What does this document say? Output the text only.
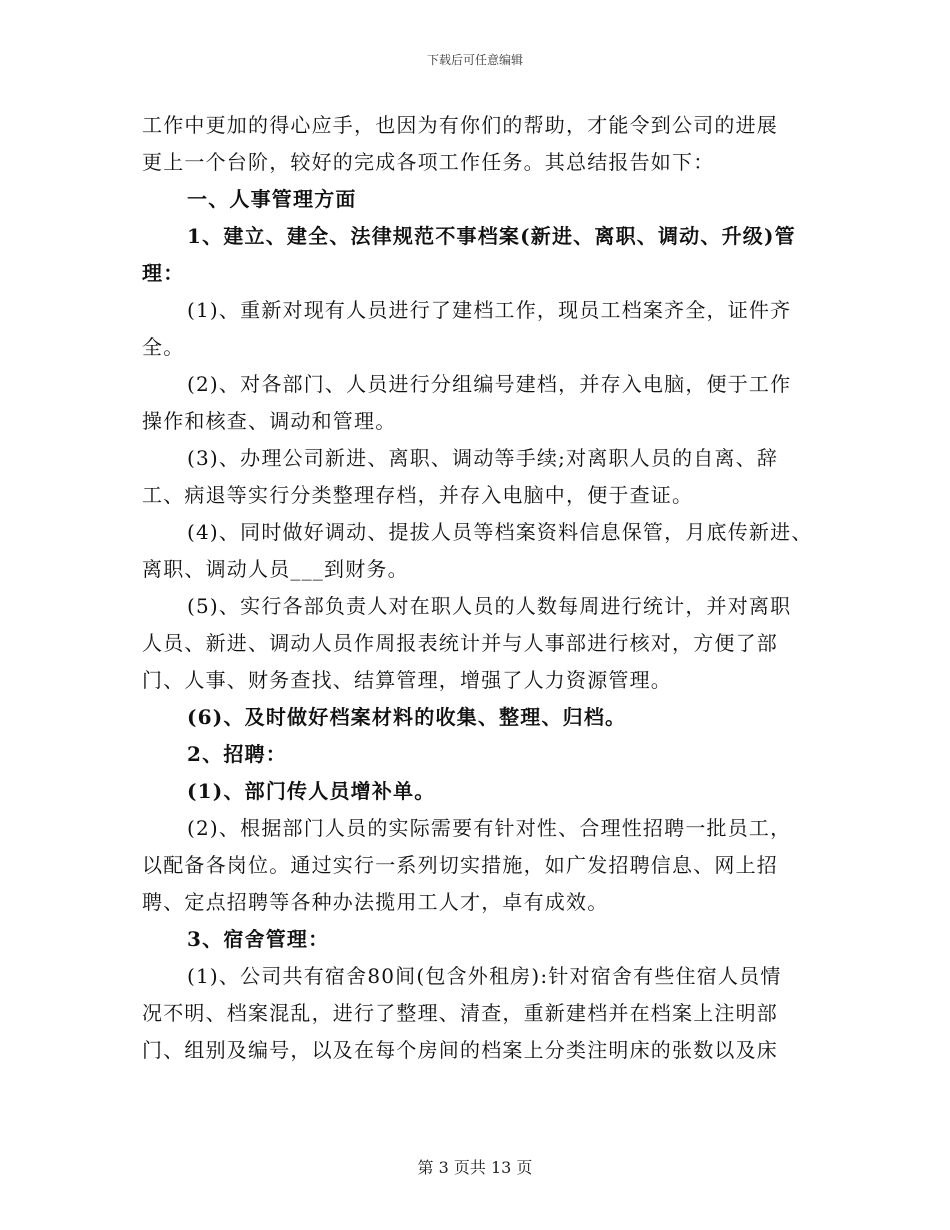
下载后可任意编辑

工作中更加的得心应手，也因为有你们的帮助，才能令到公司的进展

更上一个台阶，较好的完成各项工作任务。其总结报告如下：

一、人事管理方面

1、建立、建全、法律规范不事档案(新进、离职、调动、升级)管

理：

(1)、重新对现有人员进行了建档工作，现员工档案齐全，证件齐

全。

(2)、对各部门、人员进行分组编号建档，并存入电脑，便于工作

操作和核查、调动和管理。

(3)、办理公司新进、离职、调动等手续;对离职人员的自离、辞

工、病退等实行分类整理存档，并存入电脑中，便于查证。

(4)、同时做好调动、提拔人员等档案资料信息保管，月底传新进、

离职、调动人员___到财务。

(5)、实行各部负责人对在职人员的人数每周进行统计，并对离职

人员、新进、调动人员作周报表统计并与人事部进行核对，方便了部

门、人事、财务查找、结算管理，增强了人力资源管理。

(6)、及时做好档案材料的收集、整理、归档。

2、招聘：

(1)、部门传人员增补单。

(2)、根据部门人员的实际需要有针对性、合理性招聘一批员工，

以配备各岗位。通过实行一系列切实措施，如广发招聘信息、网上招

聘、定点招聘等各种办法揽用工人才，卓有成效。

3、宿舍管理：

(1)、公司共有宿舍80间(包含外租房):针对宿舍有些住宿人员情

况不明、档案混乱，进行了整理、清查，重新建档并在档案上注明部

门、组别及编号，以及在每个房间的档案上分类注明床的张数以及床

第 3 页共 13 页
